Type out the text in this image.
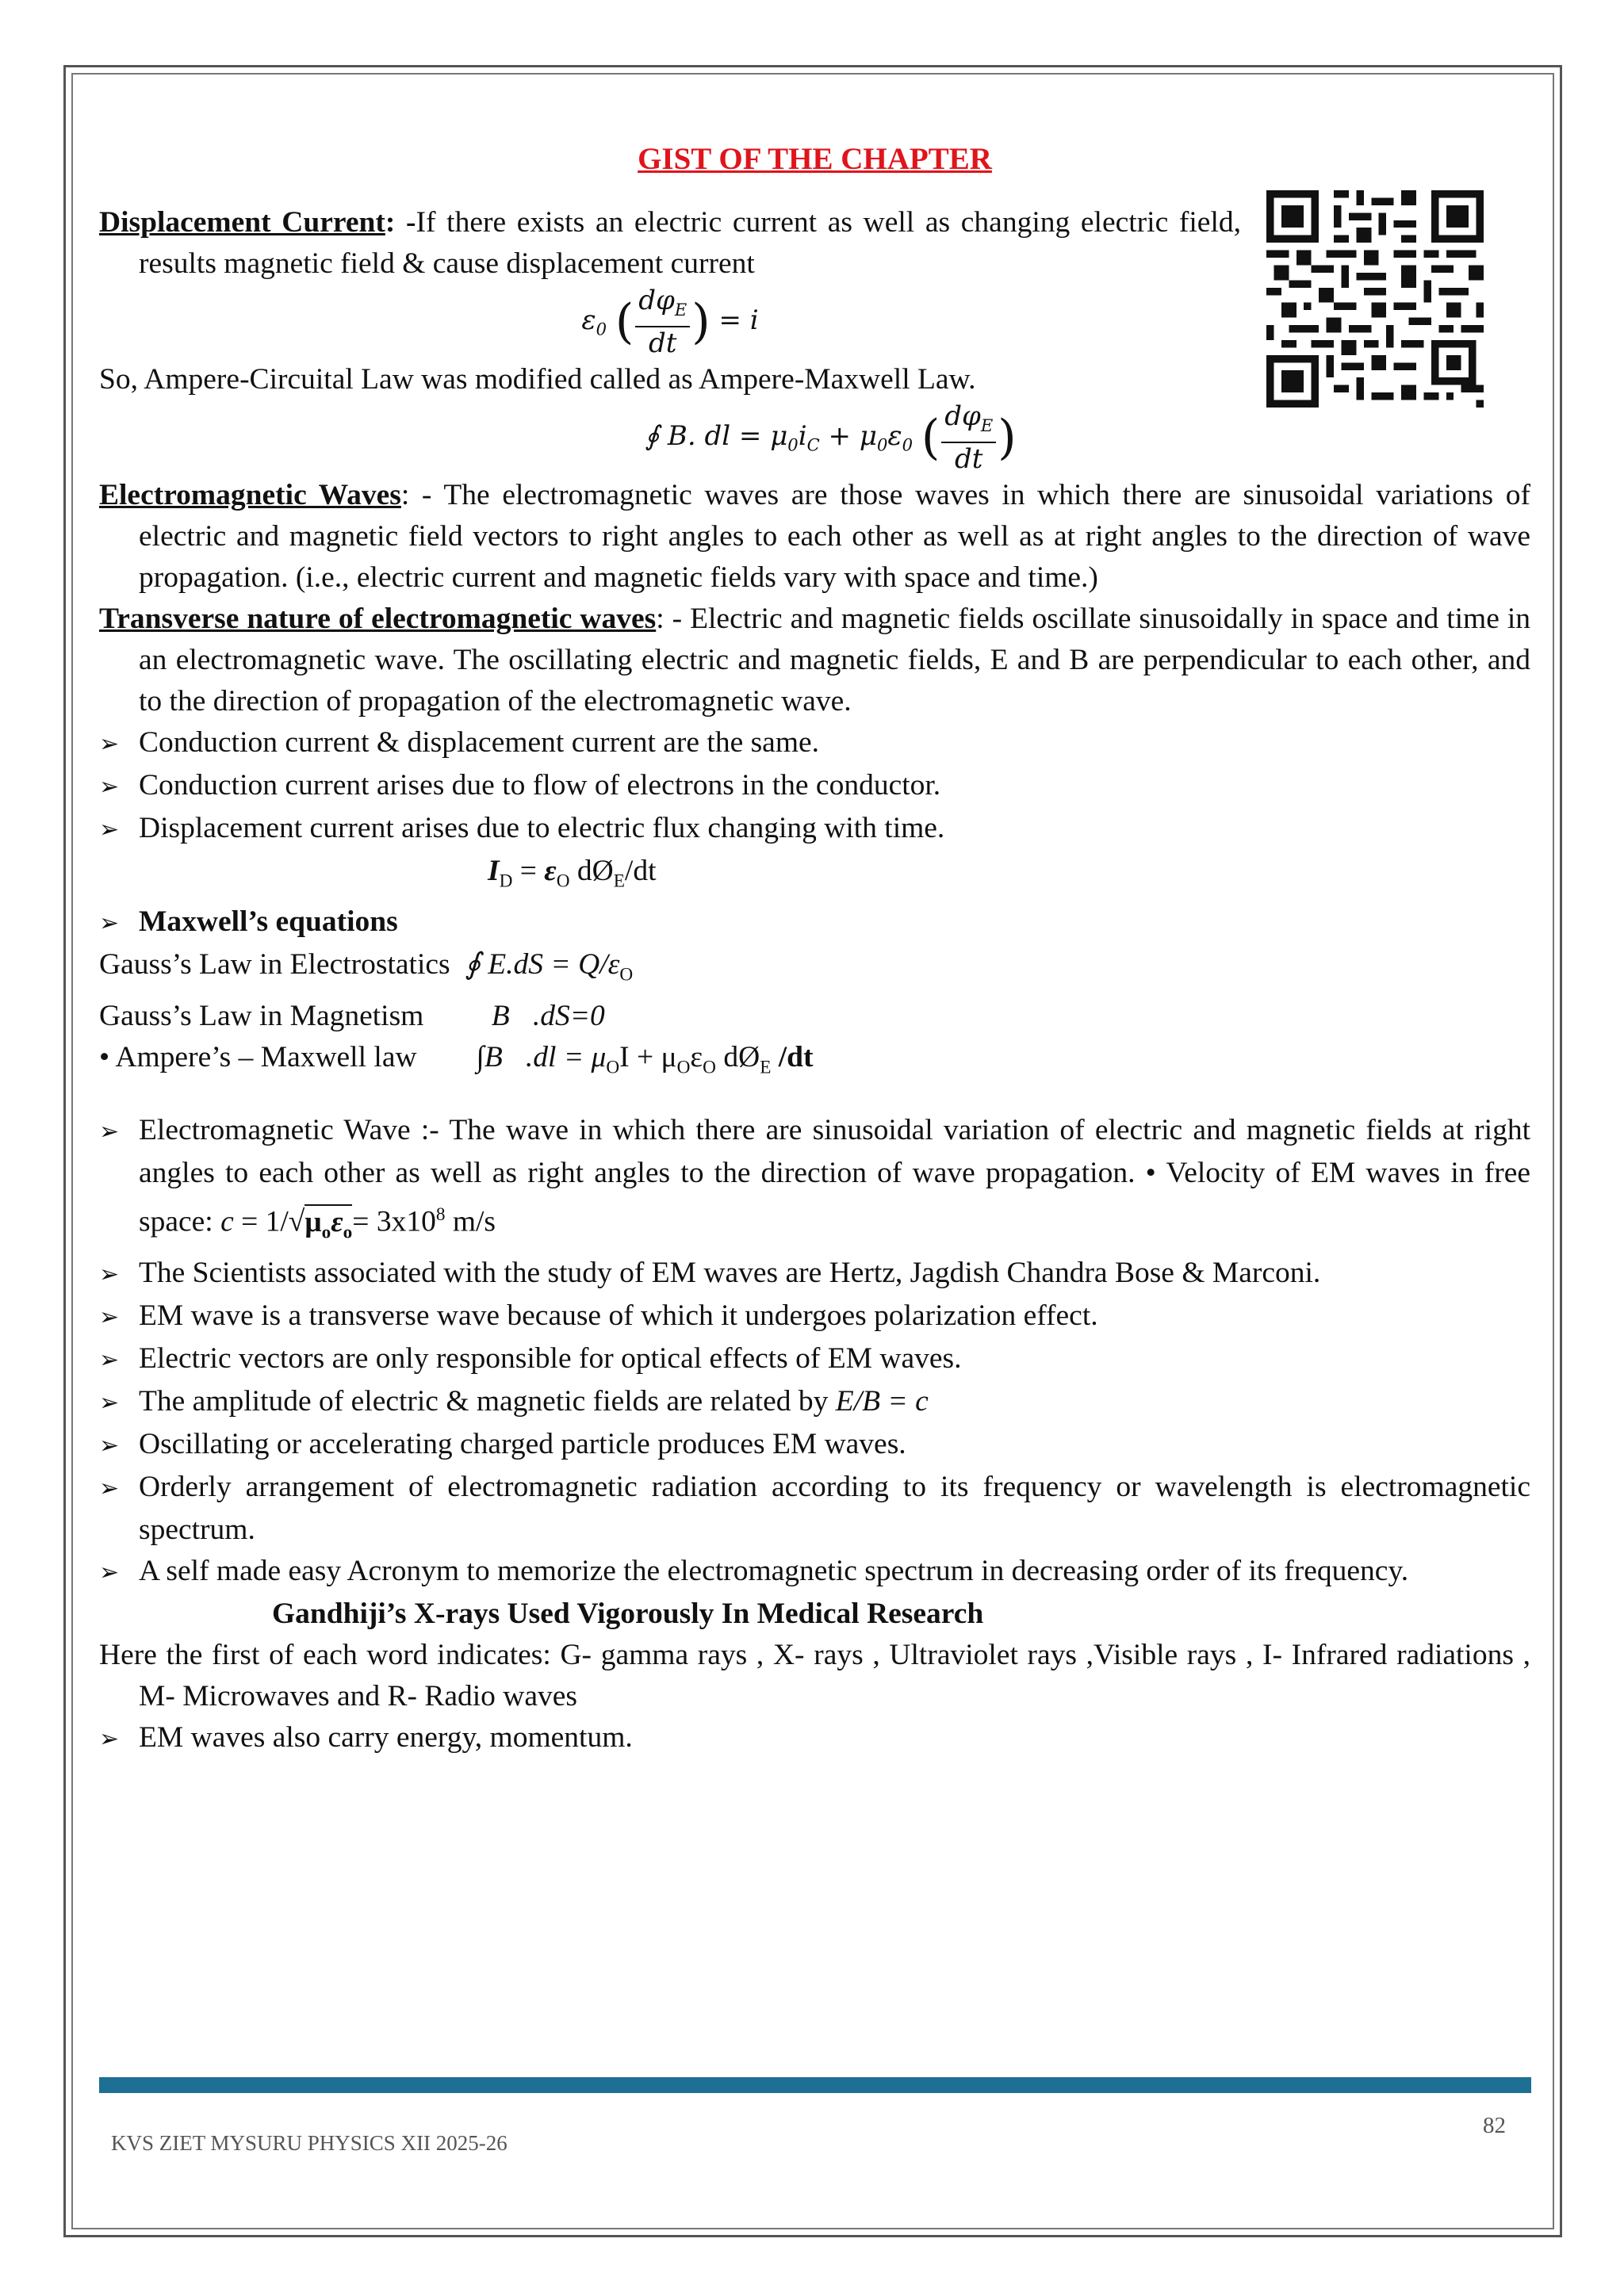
GIST OF THE CHAPTER

Displacement Current: -If there exists an electric current as well as changing electric field, results magnetic field & cause displacement current

$\varepsilon_0$ ( $\frac{d\varphi_E}{dt}$ ) = i

So, Ampere-Circuital Law was modified called as Ampere-Maxwell Law.

∮ B. dl = $\mu_0i_C + \mu_0\varepsilon_0$ ( $\frac{d\varphi_E}{dt}$ )

Electromagnetic Waves: - The electromagnetic waves are those waves in which there are sinusoidal variations of electric and magnetic field vectors to right angles to each other as well as at right angles to the direction of wave propagation. (i.e., electric current and magnetic fields vary with space and time.)

Transverse nature of electromagnetic waves: - Electric and magnetic fields oscillate sinusoidally in space and time in an electromagnetic wave. The oscillating electric and magnetic fields, E and B are perpendicular to each other, and to the direction of propagation of the electromagnetic wave.

➢ Conduction current & displacement current are the same.

➢ Conduction current arises due to flow of electrons in the conductor.

➢ Displacement current arises due to electric flux changing with time.

$I_D = \varepsilon_O$ $dØ_E/dt$

➢ Maxwell’s equations

Gauss’s Law in Electrostatics ∮ $E.dS = Q/\varepsilon_O$

Gauss’s Law in Magnetism ∮ B⃗.dS=0

• Ampere’s – Maxwell law ∫B⃗.dl = $\mu_OI + \mu_O\varepsilon_O$ $dØ_E$ /dt

➢ Electromagnetic Wave :- The wave in which there are sinusoidal variation of electric and magnetic fields at right angles to each other as well as right angles to the direction of wave propagation. • Velocity of EM waves in free space: $c = 1/√\mu_o\varepsilon_o= 3x10^8$ m/s

➢ The Scientists associated with the study of EM waves are Hertz, Jagdish Chandra Bose & Marconi.

➢ EM wave is a transverse wave because of which it undergoes polarization effect.

➢ Electric vectors are only responsible for optical effects of EM waves.

➢ The amplitude of electric & magnetic fields are related by E/B = c

➢ Oscillating or accelerating charged particle produces EM waves.

➢ Orderly arrangement of electromagnetic radiation according to its frequency or wavelength is electromagnetic spectrum.

➢ A self made easy Acronym to memorize the electromagnetic spectrum in decreasing order of its frequency.

Gandhiji’s X-rays Used Vigorously In Medical Research

Here the first of each word indicates: G- gamma rays , X- rays , Ultraviolet rays ,Visible rays , I- Infrared radiations , M- Microwaves and R- Radio waves

➢ EM waves also carry energy, momentum.

KVS ZIET MYSURU PHYSICS XII 2025-26
82
